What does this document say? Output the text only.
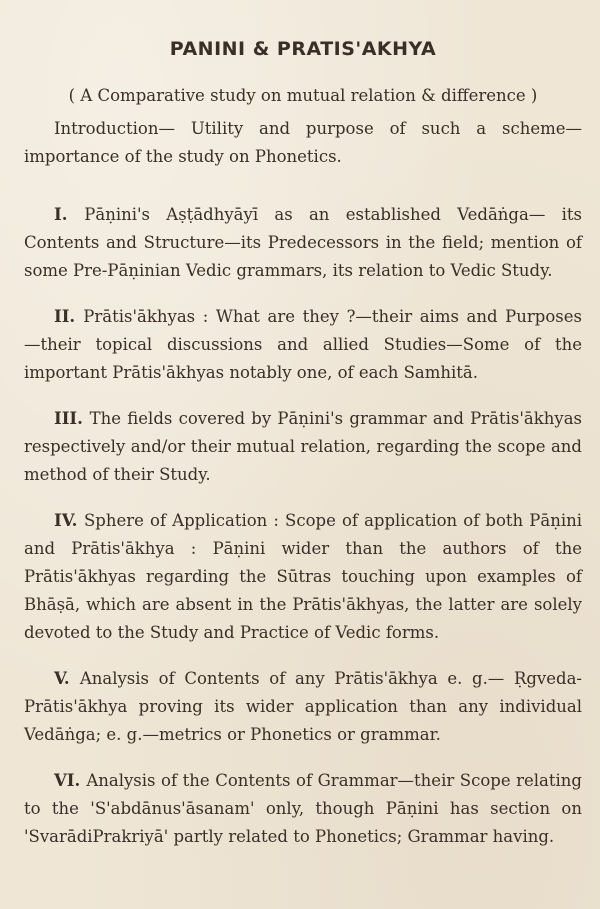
PANINI & PRATIS'AKHYA
( A Comparative study on mutual relation & difference )

Introduction— Utility and purpose of such a scheme—importance of the study on Phonetics.

I. Pāṇini's Aṣṭādhyāyī as an established Vedāṅga— its Contents and Structure—its Predecessors in the field; mention of some Pre-Pāṇinian Vedic grammars, its relation to Vedic Study.

II. Prātis'ākhyas : What are they ?—their aims and Purposes —their topical discussions and allied Studies—Some of the important Prātis'ākhyas notably one, of each Samhitā.

III. The fields covered by Pāṇini's grammar and Prātis'ākhyas respectively and/or their mutual relation, regarding the scope and method of their Study.

IV. Sphere of Application : Scope of application of both Pāṇini and Prātis'ākhya : Pāṇini wider than the authors of the Prātis'ākhyas regarding the Sūtras touching upon examples of Bhāṣā, which are absent in the Prātis'ākhyas, the latter are solely devoted to the Study and Practice of Vedic forms.

V. Analysis of Contents of any Prātis'ākhya e. g.— Ṛgveda-Prātis'ākhya proving its wider application than any individual Vedāṅga; e. g.—metrics or Phonetics or grammar.

VI. Analysis of the Contents of Grammar—their Scope relating to the 'S'abdānus'āsanam' only, though Pāṇini has section on 'SvarādiPrakriyā' partly related to Phonetics; Grammar having.
